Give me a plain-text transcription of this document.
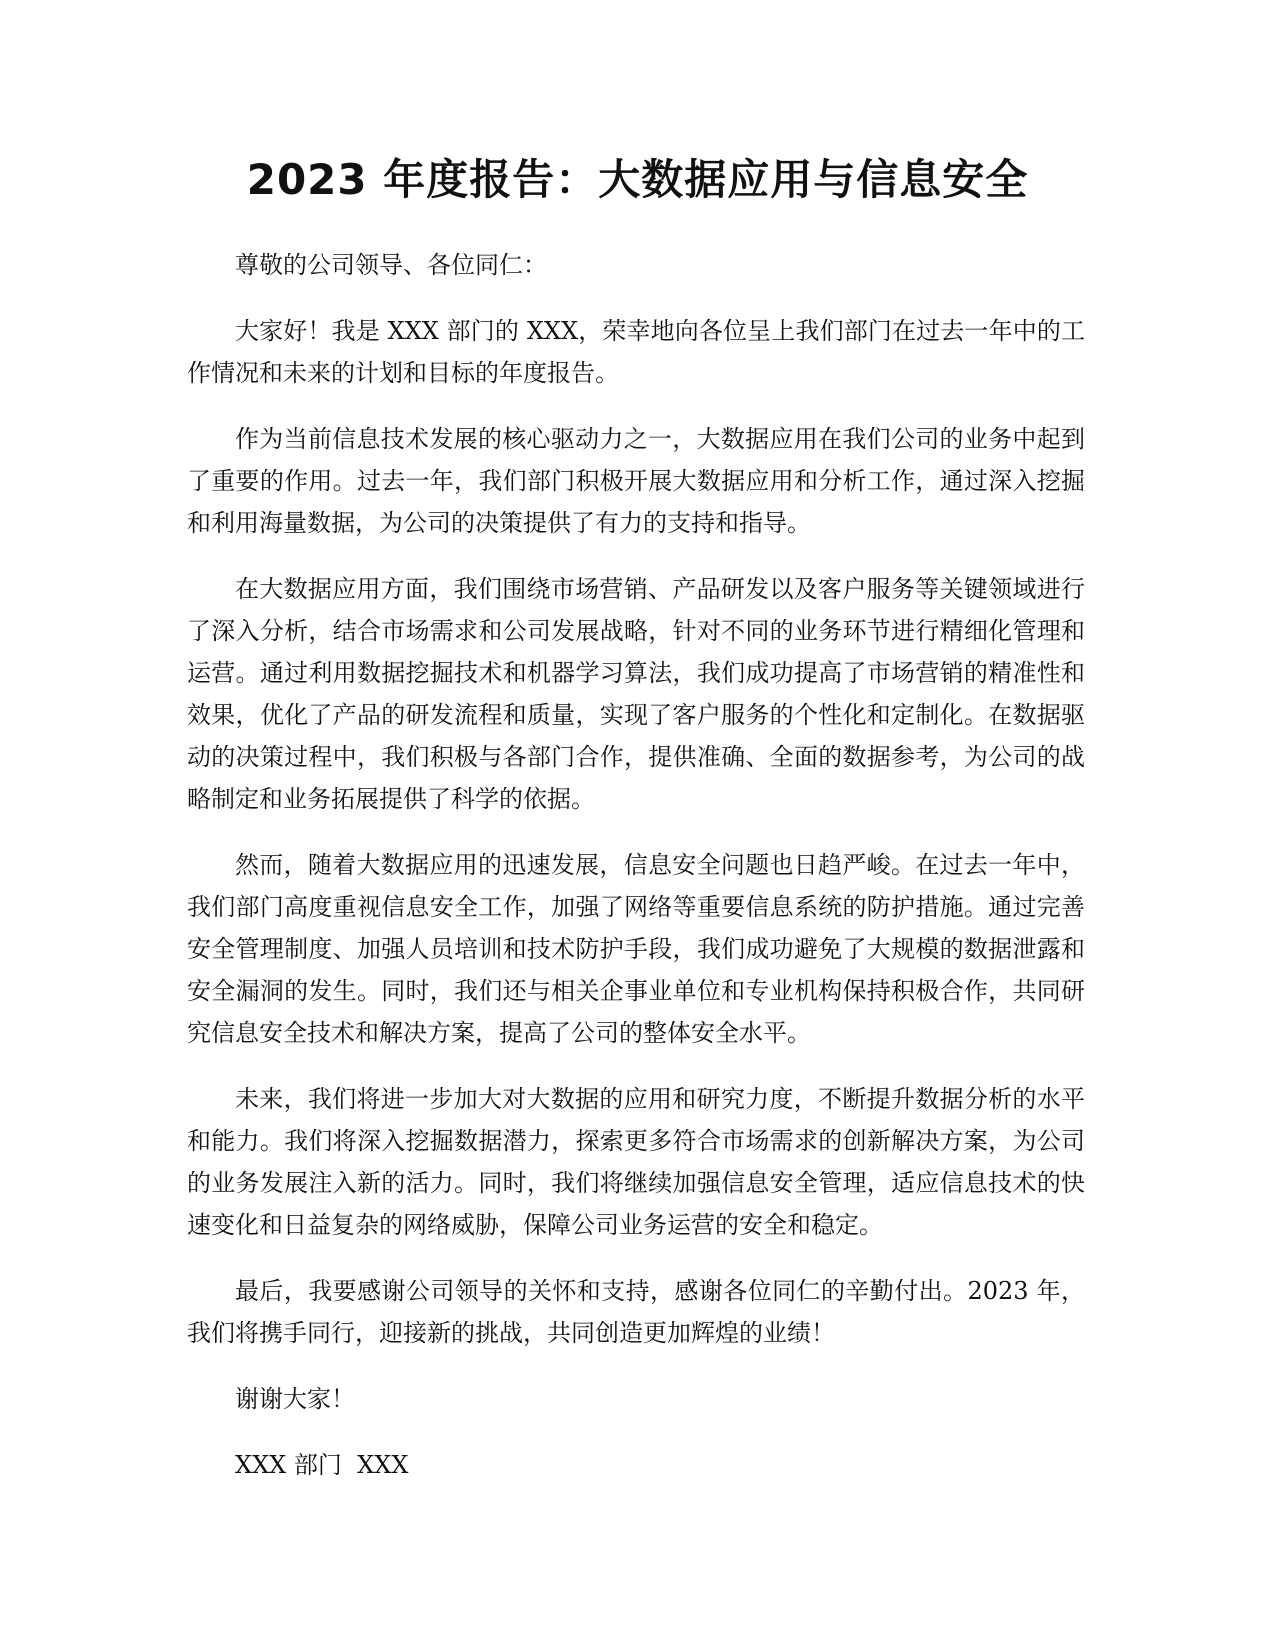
2023 年度报告：大数据应用与信息安全

尊敬的公司领导、各位同仁：

大家好！我是 XXX 部门的 XXX，荣幸地向各位呈上我们部门在过去一年中的工作情况和未来的计划和目标的年度报告。

作为当前信息技术发展的核心驱动力之一，大数据应用在我们公司的业务中起到了重要的作用。过去一年，我们部门积极开展大数据应用和分析工作，通过深入挖掘和利用海量数据，为公司的决策提供了有力的支持和指导。

在大数据应用方面，我们围绕市场营销、产品研发以及客户服务等关键领域进行了深入分析，结合市场需求和公司发展战略，针对不同的业务环节进行精细化管理和运营。通过利用数据挖掘技术和机器学习算法，我们成功提高了市场营销的精准性和效果，优化了产品的研发流程和质量，实现了客户服务的个性化和定制化。在数据驱动的决策过程中，我们积极与各部门合作，提供准确、全面的数据参考，为公司的战略制定和业务拓展提供了科学的依据。

然而，随着大数据应用的迅速发展，信息安全问题也日趋严峻。在过去一年中，我们部门高度重视信息安全工作，加强了网络等重要信息系统的防护措施。通过完善安全管理制度、加强人员培训和技术防护手段，我们成功避免了大规模的数据泄露和安全漏洞的发生。同时，我们还与相关企事业单位和专业机构保持积极合作，共同研究信息安全技术和解决方案，提高了公司的整体安全水平。

未来，我们将进一步加大对大数据的应用和研究力度，不断提升数据分析的水平和能力。我们将深入挖掘数据潜力，探索更多符合市场需求的创新解决方案，为公司的业务发展注入新的活力。同时，我们将继续加强信息安全管理，适应信息技术的快速变化和日益复杂的网络威胁，保障公司业务运营的安全和稳定。

最后，我要感谢公司领导的关怀和支持，感谢各位同仁的辛勤付出。2023 年，我们将携手同行，迎接新的挑战，共同创造更加辉煌的业绩！

谢谢大家！

XXX 部门  XXX
